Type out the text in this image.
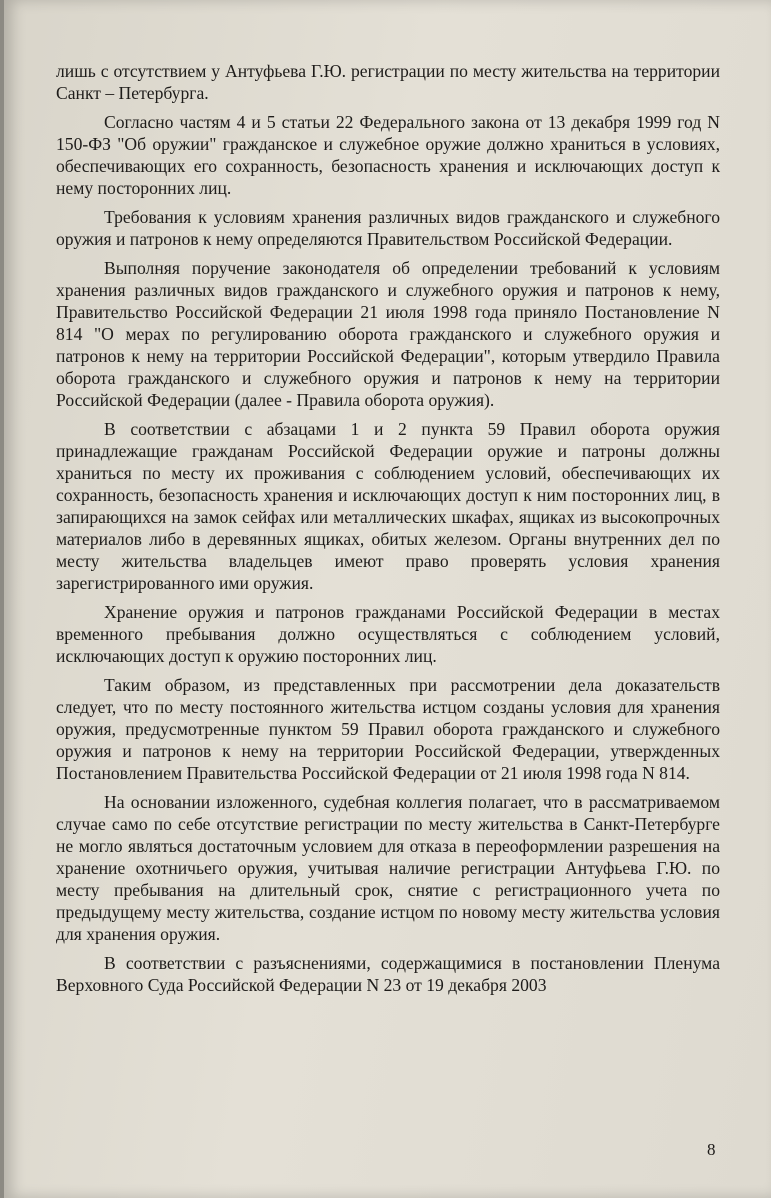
лишь с отсутствием у Антуфьева Г.Ю. регистрации по месту жительства на территории Санкт – Петербурга.

Согласно частям 4 и 5 статьи 22 Федерального закона от 13 декабря 1999 год N 150-ФЗ "Об оружии" гражданское и служебное оружие должно храниться в условиях, обеспечивающих его сохранность, безопасность хранения и исключающих доступ к нему посторонних лиц.

Требования к условиям хранения различных видов гражданского и служебного оружия и патронов к нему определяются Правительством Российской Федерации.

Выполняя поручение законодателя об определении требований к условиям хранения различных видов гражданского и служебного оружия и патронов к нему, Правительство Российской Федерации 21 июля 1998 года приняло Постановление N 814 "О мерах по регулированию оборота гражданского и служебного оружия и патронов к нему на территории Российской Федерации", которым утвердило Правила оборота гражданского и служебного оружия и патронов к нему на территории Российской Федерации (далее - Правила оборота оружия).

В соответствии с абзацами 1 и 2 пункта 59 Правил оборота оружия принадлежащие гражданам Российской Федерации оружие и патроны должны храниться по месту их проживания с соблюдением условий, обеспечивающих их сохранность, безопасность хранения и исключающих доступ к ним посторонних лиц, в запирающихся на замок сейфах или металлических шкафах, ящиках из высокопрочных материалов либо в деревянных ящиках, обитых железом. Органы внутренних дел по месту жительства владельцев имеют право проверять условия хранения зарегистрированного ими оружия.

Хранение оружия и патронов гражданами Российской Федерации в местах временного пребывания должно осуществляться с соблюдением условий, исключающих доступ к оружию посторонних лиц.

Таким образом, из представленных при рассмотрении дела доказательств следует, что по месту постоянного жительства истцом созданы условия для хранения оружия, предусмотренные пунктом 59 Правил оборота гражданского и служебного оружия и патронов к нему на территории Российской Федерации, утвержденных Постановлением Правительства Российской Федерации от 21 июля 1998 года N 814.

На основании изложенного, судебная коллегия полагает, что в рассматриваемом случае само по себе отсутствие регистрации по месту жительства в Санкт-Петербурге не могло являться достаточным условием для отказа в переоформлении разрешения на хранение охотничьего оружия, учитывая наличие регистрации Антуфьева Г.Ю. по месту пребывания на длительный срок, снятие с регистрационного учета по предыдущему месту жительства, создание истцом по новому месту жительства условия для хранения оружия.

В соответствии с разъяснениями, содержащимися в постановлении Пленума Верховного Суда Российской Федерации N 23 от 19 декабря 2003

8
